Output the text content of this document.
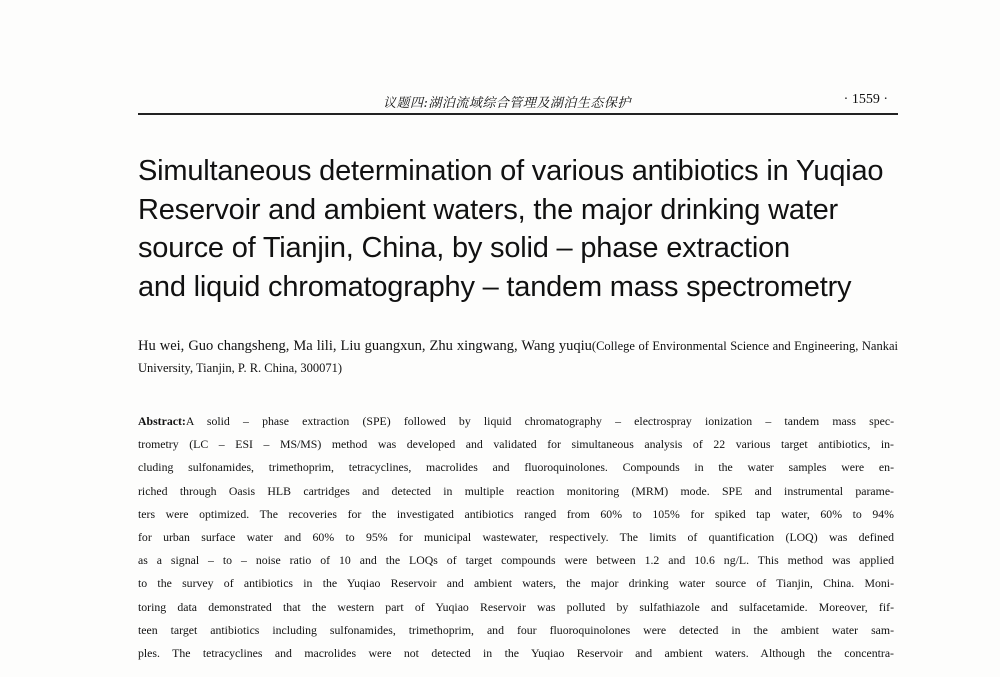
议题四:湖泊流域综合管理及湖泊生态保护	· 1559 ·
Simultaneous determination of various antibiotics in Yuqiao
Reservoir and ambient waters, the major drinking water
source of Tianjin, China, by solid – phase extraction
and liquid chromatography – tandem mass spectrometry

Hu wei, Guo changsheng, Ma lili, Liu guangxun, Zhu xingwang, Wang yuqiu(College of Environmental Science and Engineering, Nankai University, Tianjin, P. R. China, 300071)

Abstract:A solid – phase extraction (SPE) followed by liquid chromatography – electrospray ionization – tandem mass spec-
trometry (LC – ESI – MS/MS) method was developed and validated for simultaneous analysis of 22 various target antibiotics, in-
cluding sulfonamides, trimethoprim, tetracyclines, macrolides and fluoroquinolones. Compounds in the water samples were en-
riched through Oasis HLB cartridges and detected in multiple reaction monitoring (MRM) mode. SPE and instrumental parame-
ters were optimized. The recoveries for the investigated antibiotics ranged from 60% to 105% for spiked tap water, 60% to 94%
for urban surface water and 60% to 95% for municipal wastewater, respectively. The limits of quantification (LOQ) was defined
as a signal – to – noise ratio of 10 and the LOQs of target compounds were between 1.2 and 10.6 ng/L. This method was applied
to the survey of antibiotics in the Yuqiao Reservoir and ambient waters, the major drinking water source of Tianjin, China. Moni-
toring data demonstrated that the western part of Yuqiao Reservoir was polluted by sulfathiazole and sulfacetamide. Moreover, fif-
teen target antibiotics including sulfonamides, trimethoprim, and four fluoroquinolones were detected in the ambient water sam-
ples. The tetracyclines and macrolides were not detected in the Yuqiao Reservoir and ambient waters. Although the concentra-
